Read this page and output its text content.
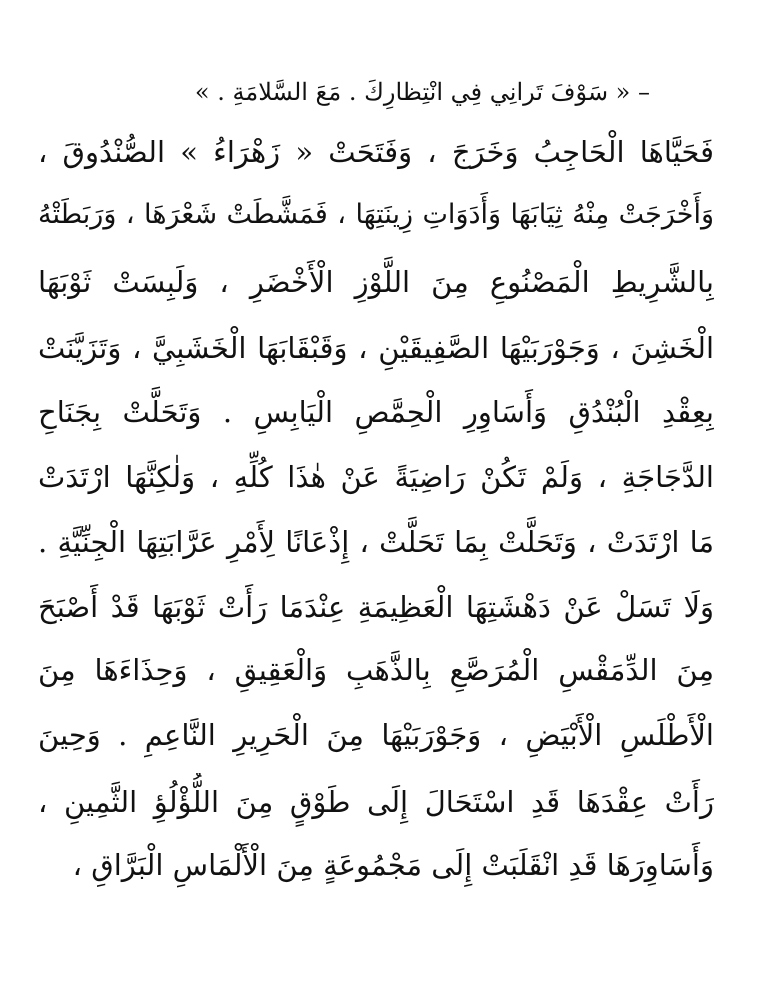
– « سَوْفَ تَرانِي فِي انْتِظارِكَ . مَعَ السَّلامَةِ . »
فَحَيَّاهَا الْحَاجِبُ وَخَرَجَ ، وَفَتَحَتْ « زَهْرَاءُ » الصُّنْدُوقَ ،
وَأَخْرَجَتْ مِنْهُ ثِيَابَهَا وَأَدَوَاتِ زِينَتِهَا ، فَمَشَّطَتْ شَعْرَهَا ، وَرَبَطَتْهُ
بِالشَّرِيطِ الْمَصْنُوعِ مِنَ اللَّوْزِ الْأَخْضَرِ ، وَلَبِسَتْ ثَوْبَهَا
الْخَشِنَ ، وَجَوْرَبَيْهَا الصَّفِيقَيْنِ ، وَقَبْقَابَهَا الْخَشَبِيَّ ، وَتَزَيَّنَتْ
بِعِقْدِ الْبُنْدُقِ وَأَسَاوِرِ الْحِمَّصِ الْيَابِسِ . وَتَحَلَّتْ بِجَنَاحِ
الدَّجَاجَةِ ، وَلَمْ تَكُنْ رَاضِيَةً عَنْ هٰذَا كُلِّهِ ، وَلٰكِنَّهَا ارْتَدَتْ
مَا ارْتَدَتْ ، وَتَحَلَّتْ بِمَا تَحَلَّتْ ، إِذْعَانًا لِأَمْرِ عَرَّابَتِهَا الْجِنِّيَّةِ .
وَلَا تَسَلْ عَنْ دَهْشَتِهَا الْعَظِيمَةِ عِنْدَمَا رَأَتْ ثَوْبَهَا قَدْ أَصْبَحَ
مِنَ الدِّمَقْسِ الْمُرَصَّعِ بِالذَّهَبِ وَالْعَقِيقِ ، وَحِذَاءَهَا مِنَ
الْأَطْلَسِ الْأَبْيَضِ ، وَجَوْرَبَيْهَا مِنَ الْحَرِيرِ النَّاعِمِ . وَحِينَ
رَأَتْ عِقْدَهَا قَدِ اسْتَحَالَ إِلَى طَوْقٍ مِنَ اللُّؤْلُؤِ الثَّمِينِ ،
وَأَسَاوِرَهَا قَدِ انْقَلَبَتْ إِلَى مَجْمُوعَةٍ مِنَ الْأَلْمَاسِ الْبَرَّاقِ ،
